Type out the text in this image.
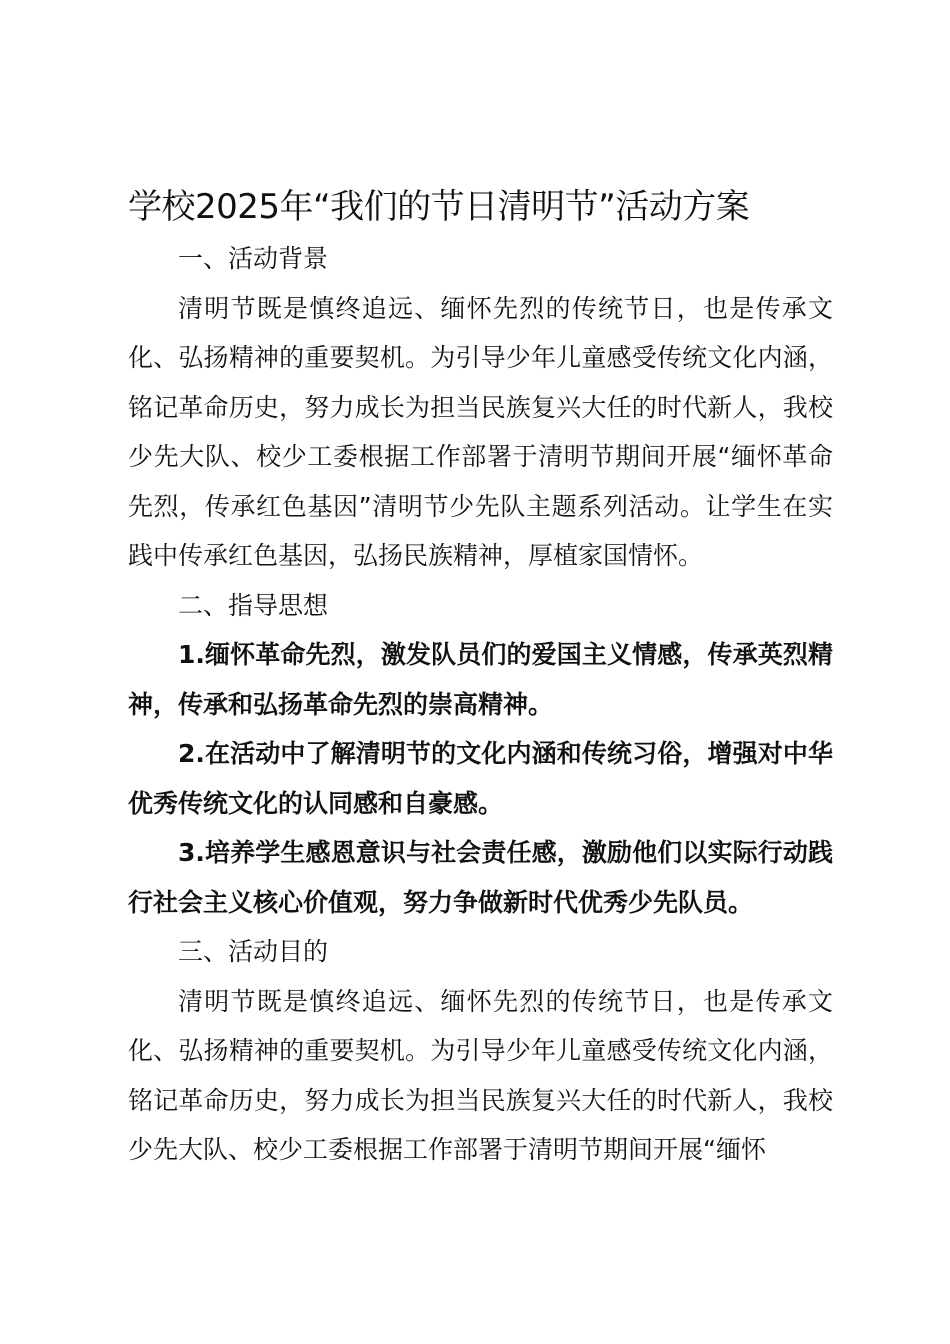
学校2025年“我们的节日清明节”活动方案

一、活动背景

清明节既是慎终追远、缅怀先烈的传统节日，也是传承文化、弘扬精神的重要契机。为引导少年儿童感受传统文化内涵，铭记革命历史，努力成长为担当民族复兴大任的时代新人，我校少先大队、校少工委根据工作部署于清明节期间开展“缅怀革命先烈，传承红色基因”清明节少先队主题系列活动。让学生在实践中传承红色基因，弘扬民族精神，厚植家国情怀。

二、指导思想

1.缅怀革命先烈，激发队员们的爱国主义情感，传承英烈精神，传承和弘扬革命先烈的崇高精神。

2.在活动中了解清明节的文化内涵和传统习俗，增强对中华优秀传统文化的认同感和自豪感。

3.培养学生感恩意识与社会责任感，激励他们以实际行动践行社会主义核心价值观，努力争做新时代优秀少先队员。

三、活动目的

清明节既是慎终追远、缅怀先烈的传统节日，也是传承文化、弘扬精神的重要契机。为引导少年儿童感受传统文化内涵，铭记革命历史，努力成长为担当民族复兴大任的时代新人，我校少先大队、校少工委根据工作部署于清明节期间开展“缅怀
